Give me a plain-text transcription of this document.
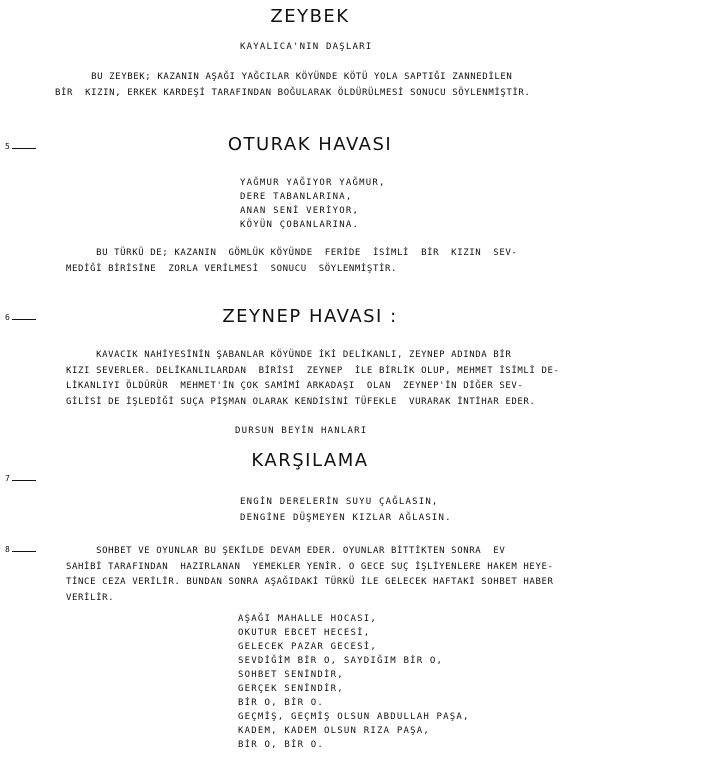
ZEYBEK
KAYALICA'NIN DAŞLARI
BU ZEYBEK; KAZANIN AŞAĞI YAĞCILAR KÖYÜNDE KÖTÜ YOLA SAPTIĞI ZANNEDİLEN
BİR  KIZIN, ERKEK KARDEŞİ TARAFINDAN BOĞULARAK ÖLDÜRÜLMESİ SONUCU SÖYLENMİŞTİR.
5	OTURAK HAVASI
YAĞMUR YAĞIYOR YAĞMUR,
DERE TABANLARINA,
ANAN SENİ VERİYOR,
KÖYÜN ÇOBANLARINA.
BU TÜRKÜ DE; KAZANIN  GÖMLÜK KÖYÜNDE  FERİDE  İSİMLİ  BİR  KIZIN  SEV-
MEDİĞİ BİRİSİNE  ZORLA VERİLMESİ  SONUCU  SÖYLENMİŞTİR.
6	ZEYNEP HAVASI :
KAVACIK NAHİYESİNİN ŞABANLAR KÖYÜNDE İKİ DELİKANLI, ZEYNEP ADINDA BİR
KIZI SEVERLER. DELİKANLILARDAN  BİRİSİ  ZEYNEP  İLE BİRLİK OLUP, MEHMET İSİMLİ DE-
LİKANLIYI ÖLDÜRÜR  MEHMET'İN ÇOK SAMİMİ ARKADAŞI  OLAN  ZEYNEP'İN DİĞER SEV-
GİLİSİ DE İŞLEDİĞİ SUÇA PİŞMAN OLARAK KENDİSİNİ TÜFEKLE  VURARAK İNTİHAR EDER.
DURSUN BEYİN HANLARI
7
KARŞILAMA
ENGİN DERELERİN SUYU ÇAĞLASIN,
DENGİNE DÜŞMEYEN KIZLAR AĞLASIN.
8	SOHBET VE OYUNLAR BU ŞEKİLDE DEVAM EDER. OYUNLAR BİTTİKTEN SONRA  EV
SAHİBİ TARAFINDAN  HAZIRLANAN  YEMEKLER YENİR. O GECE SUÇ İŞLİYENLERE HAKEM HEYE-
TİNCE CEZA VERİLİR. BUNDAN SONRA AŞAĞIDAKİ TÜRKÜ İLE GELECEK HAFTAKİ SOHBET HABER
VERİLİR.
AŞAĞI MAHALLE HOCASI,
OKUTUR EBCET HECESİ,
GELECEK PAZAR GECESİ,
SEVDİĞİM BİR O, SAYDIĞIM BİR O,
SOHBET SENİNDİR,
GERÇEK SENİNDİR,
BİR O, BİR O.
GEÇMİŞ, GEÇMİŞ OLSUN ABDULLAH PAŞA,
KADEM, KADEM OLSUN RIZA PAŞA,
BİR O, BİR O.
